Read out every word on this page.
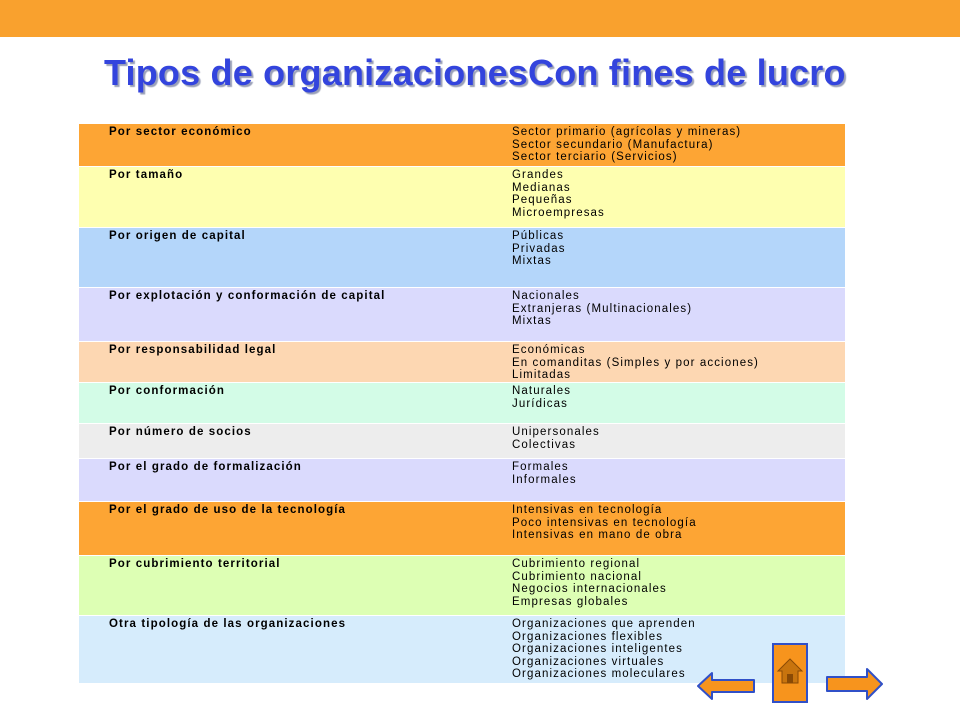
Tipos de organizacionesCon fines de lucro
Por sector económico	Sector primario (agrícolas y mineras)
Sector secundario (Manufactura)
Sector terciario (Servicios)
Por tamaño	Grandes
Medianas
Pequeñas
Microempresas
Por origen de capital	Públicas
Privadas
Mixtas
Por explotación y conformación de capital	Nacionales
Extranjeras (Multinacionales)
Mixtas
Por responsabilidad legal	Económicas
En comanditas (Simples y por acciones)
Limitadas
Por conformación	Naturales
Jurídicas
Por número de socios	Unipersonales
Colectivas
Por el grado de formalización	Formales
Informales
Por el grado de uso de la tecnología	Intensivas en tecnología
Poco intensivas en tecnología
Intensivas en mano de obra
Por cubrimiento territorial	Cubrimiento regional
Cubrimiento nacional
Negocios internacionales
Empresas globales
Otra tipología de las organizaciones	Organizaciones que aprenden
Organizaciones flexibles
Organizaciones inteligentes
Organizaciones virtuales
Organizaciones moleculares
